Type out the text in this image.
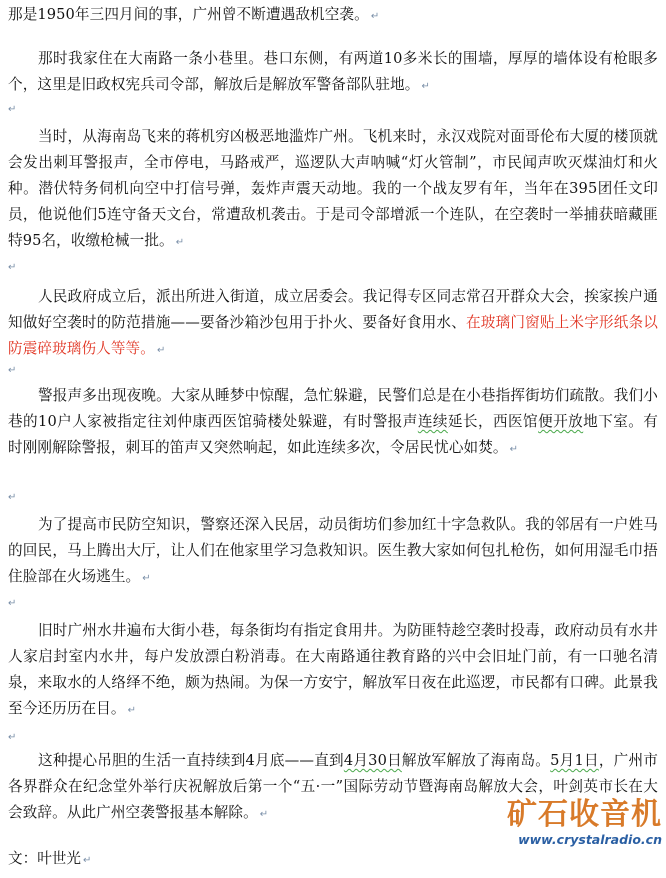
那是1950年三四月间的事，广州曾不断遭遇敌机空袭。 ↵

那时我家住在大南路一条小巷里。巷口东侧，有两道10多米长的围墙，厚厚的墙体设有枪眼多个，这里是旧政权宪兵司令部，解放后是解放军警备部队驻地。 ↵

↵

当时，从海南岛飞来的蒋机穷凶极恶地滥炸广州。飞机来时，永汉戏院对面哥伦布大厦的楼顶就会发出刺耳警报声，全市停电，马路戒严，巡逻队大声呐喊“灯火管制”，市民闻声吹灭煤油灯和火种。潜伏特务伺机向空中打信号弹，轰炸声震天动地。我的一个战友罗有年，当年在395团任文印员，他说他们5连守备天文台，常遭敌机袭击。于是司令部增派一个连队，在空袭时一举捕获暗藏匪特95名，收缴枪械一批。 ↵

↵

人民政府成立后，派出所进入街道，成立居委会。我记得专区同志常召开群众大会，挨家挨户通知做好空袭时的防范措施——要备沙箱沙包用于扑火、要备好食用水、在玻璃门窗贴上米字形纸条以防震碎玻璃伤人等等。 ↵

↵

警报声多出现夜晚。大家从睡梦中惊醒，急忙躲避，民警们总是在小巷指挥街坊们疏散。我们小巷的10户人家被指定往刘仲康西医馆骑楼处躲避，有时警报声连续延长，西医馆便开放地下室。有时刚刚解除警报，刺耳的笛声又突然响起，如此连续多次，令居民忧心如焚。 ↵

↵

为了提高市民防空知识，警察还深入民居，动员街坊们参加红十字急救队。我的邻居有一户姓马的回民，马上腾出大厅，让人们在他家里学习急救知识。医生教大家如何包扎枪伤，如何用湿毛巾捂住脸部在火场逃生。 ↵

↵

旧时广州水井遍布大街小巷，每条街均有指定食用井。为防匪特趁空袭时投毒，政府动员有水井人家启封室内水井，每户发放漂白粉消毒。在大南路通往教育路的兴中会旧址门前，有一口驰名清泉，来取水的人络绎不绝，颇为热闹。为保一方安宁，解放军日夜在此巡逻，市民都有口碑。此景我至今还历历在目。 ↵

↵

这种提心吊胆的生活一直持续到4月底——直到4月30日解放军解放了海南岛。5月1日，广州市各界群众在纪念堂外举行庆祝解放后第一个“五·一”国际劳动节暨海南岛解放大会，叶剑英市长在大会致辞。从此广州空袭警报基本解除。 ↵

文：叶世光 ↵
矿石收音机
www.crystalradio.cn
